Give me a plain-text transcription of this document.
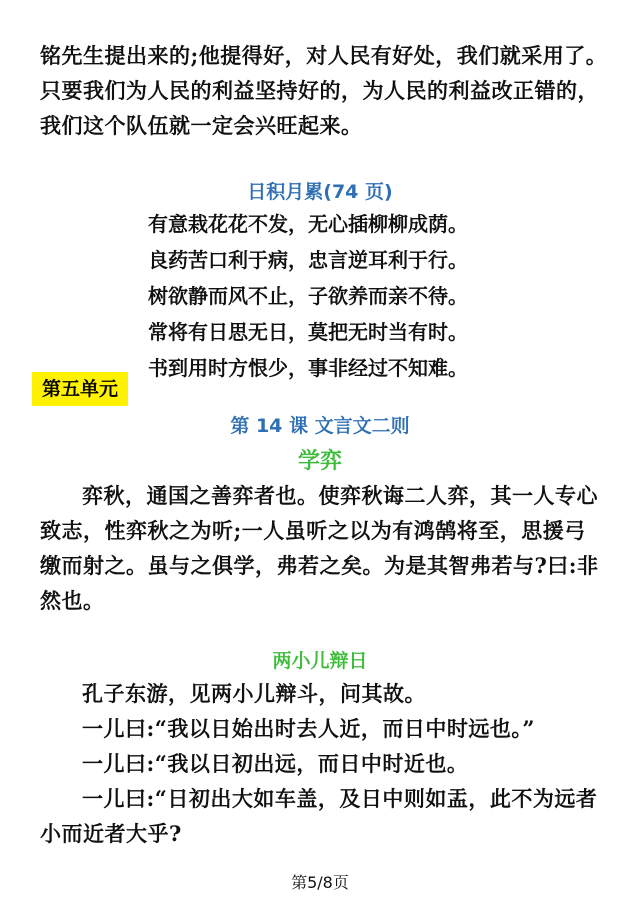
铭先生提出来的;他提得好，对人民有好处，我们就采用了。
只要我们为人民的利益坚持好的，为人民的利益改正错的，
我们这个队伍就一定会兴旺起来。
日积月累(74 页)
有意栽花花不发，无心插柳柳成荫。
良药苦口利于病，忠言逆耳利于行。
树欲静而风不止，子欲养而亲不待。
常将有日思无日，莫把无时当有时。
书到用时方恨少，事非经过不知难。
第五单元
第 14 课 文言文二则
学弈
弈秋，通国之善弈者也。使弈秋诲二人弈，其一人专心
致志，性弈秋之为听;一人虽听之以为有鸿鹄将至，思援弓
缴而射之。虽与之俱学，弗若之矣。为是其智弗若与?曰:非
然也。
两小儿辩日
孔子东游，见两小儿辩斗，问其故。
一儿曰:“我以日始出时去人近，而日中时远也。”
一儿曰:“我以日初出远，而日中时近也。
一儿曰:“日初出大如车盖，及日中则如盂，此不为远者
小而近者大乎?
第5/8页
